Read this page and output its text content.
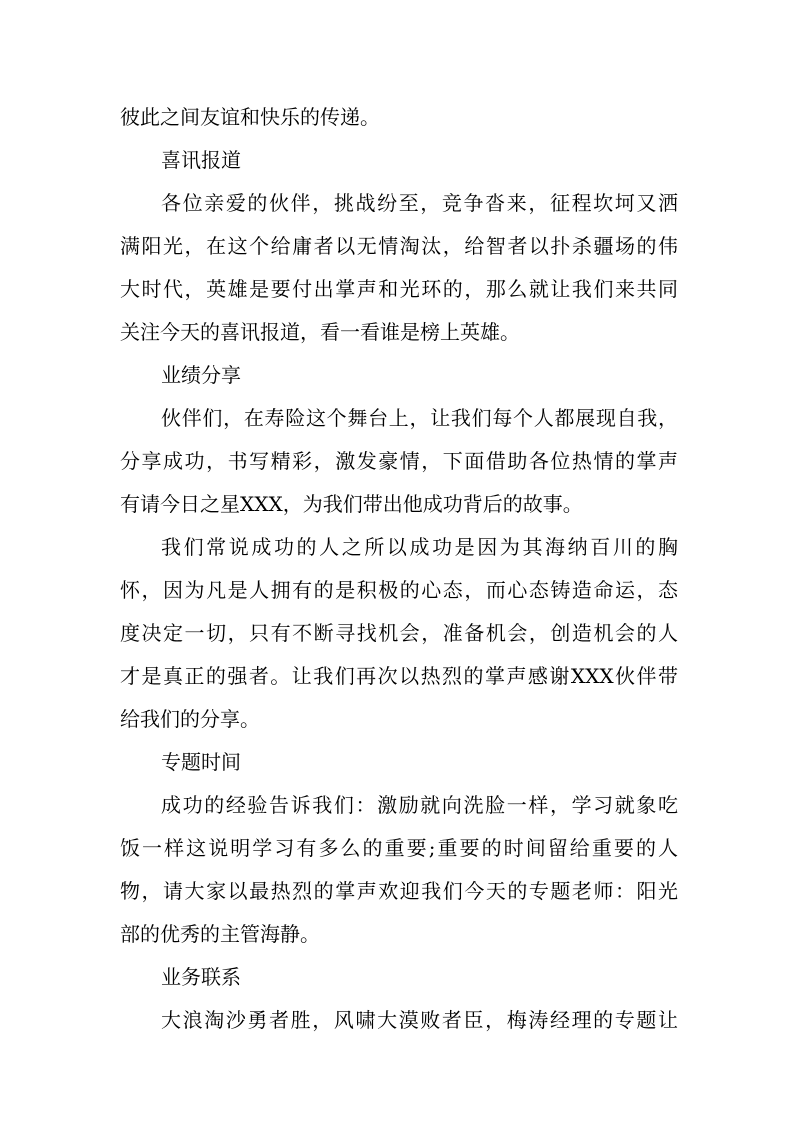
彼此之间友谊和快乐的传递。
喜讯报道
各位亲爱的伙伴，挑战纷至，竞争沓来，征程坎坷又洒
满阳光，在这个给庸者以无情淘汰，给智者以扑杀疆场的伟
大时代，英雄是要付出掌声和光环的，那么就让我们来共同
关注今天的喜讯报道，看一看谁是榜上英雄。
业绩分享
伙伴们，在寿险这个舞台上，让我们每个人都展现自我，
分享成功，书写精彩，激发豪情，下面借助各位热情的掌声
有请今日之星XXX，为我们带出他成功背后的故事。
我们常说成功的人之所以成功是因为其海纳百川的胸
怀，因为凡是人拥有的是积极的心态，而心态铸造命运，态
度决定一切，只有不断寻找机会，准备机会，创造机会的人
才是真正的强者。让我们再次以热烈的掌声感谢XXX伙伴带
给我们的分享。
专题时间
成功的经验告诉我们：激励就向洗脸一样，学习就象吃
饭一样这说明学习有多么的重要;重要的时间留给重要的人
物，请大家以最热烈的掌声欢迎我们今天的专题老师：阳光
部的优秀的主管海静。
业务联系
大浪淘沙勇者胜，风啸大漠败者臣，梅涛经理的专题让
